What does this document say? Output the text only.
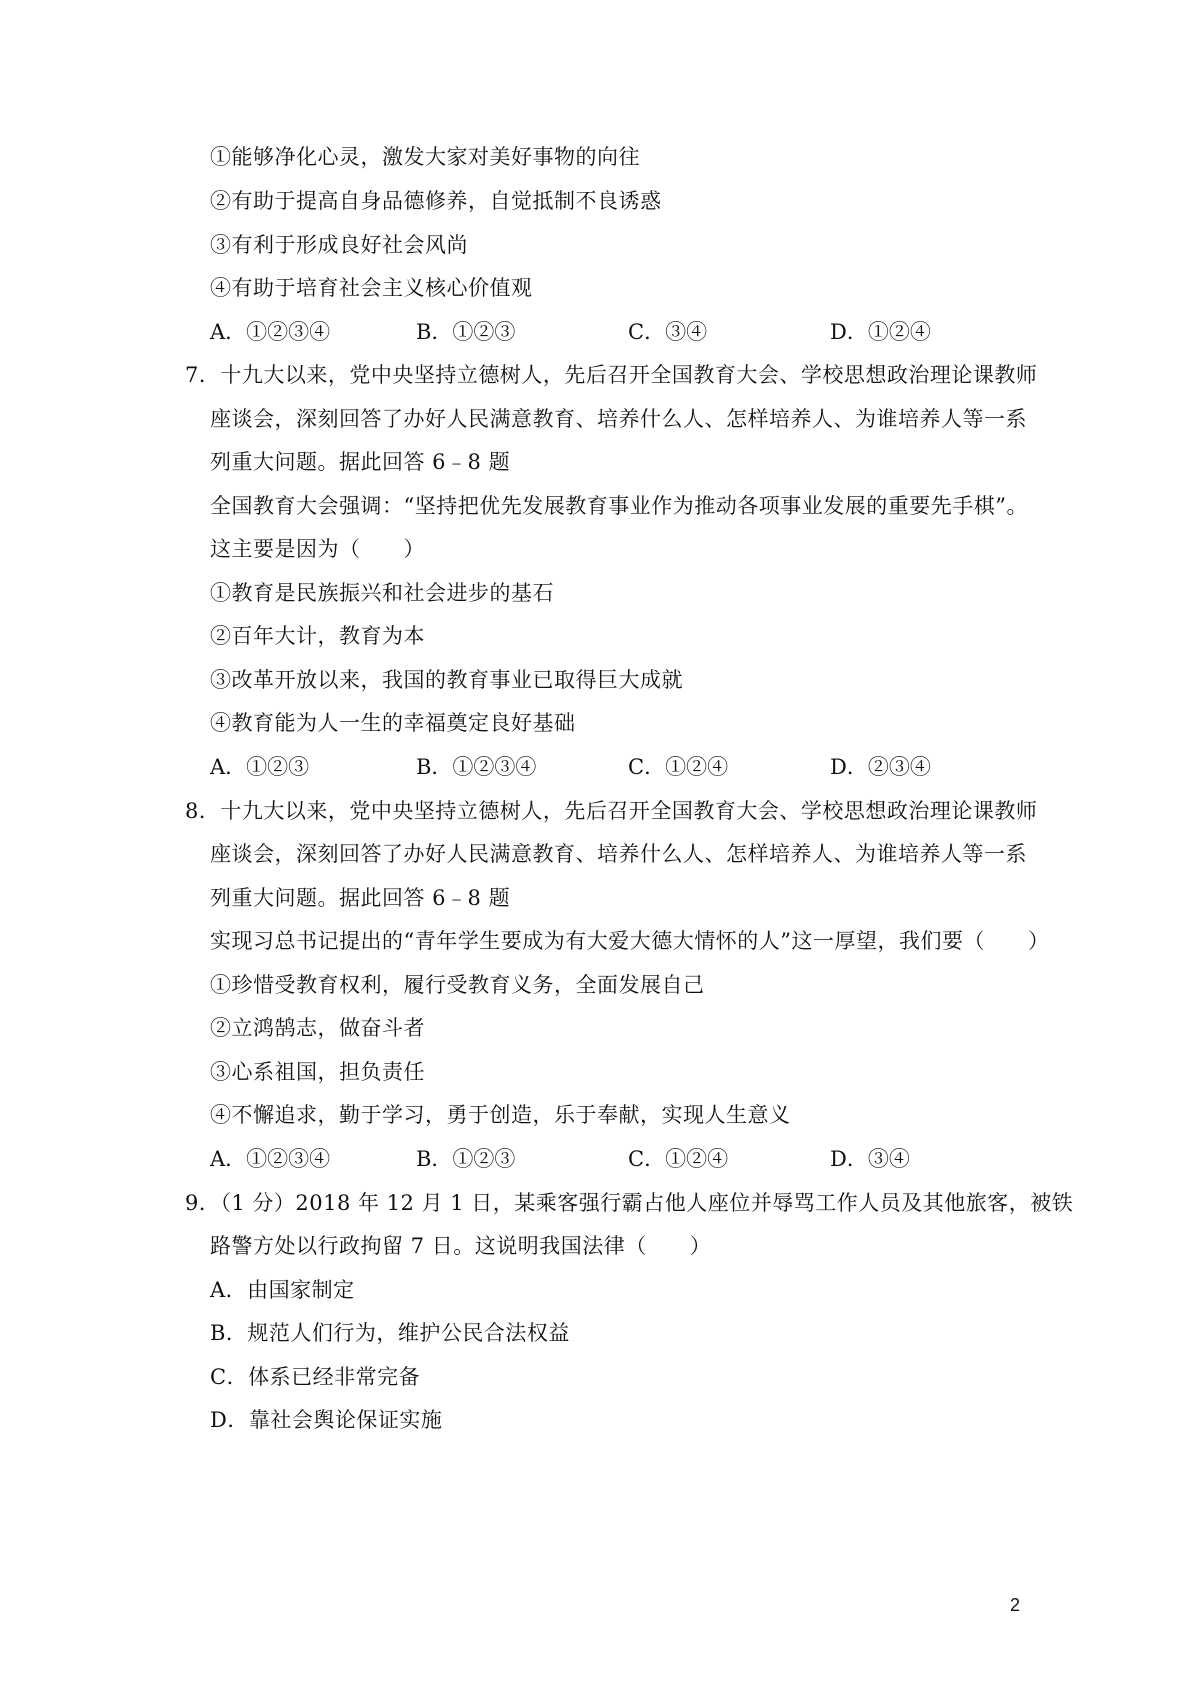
①能够净化心灵，激发大家对美好事物的向往
②有助于提高自身品德修养，自觉抵制不良诱惑
③有利于形成良好社会风尚
④有助于培育社会主义核心价值观
A．①②③④	B．①②③	C．③④	D．①②④
7．十九大以来，党中央坚持立德树人，先后召开全国教育大会、学校思想政治理论课教师
座谈会，深刻回答了办好人民满意教育、培养什么人、怎样培养人、为谁培养人等一系
列重大问题。据此回答 6﹣8 题
全国教育大会强调：“坚持把优先发展教育事业作为推动各项事业发展的重要先手棋”。
这主要是因为（　　）
①教育是民族振兴和社会进步的基石
②百年大计，教育为本
③改革开放以来，我国的教育事业已取得巨大成就
④教育能为人一生的幸福奠定良好基础
A．①②③	B．①②③④	C．①②④	D．②③④
8．十九大以来，党中央坚持立德树人，先后召开全国教育大会、学校思想政治理论课教师
座谈会，深刻回答了办好人民满意教育、培养什么人、怎样培养人、为谁培养人等一系
列重大问题。据此回答 6﹣8 题
实现习总书记提出的“青年学生要成为有大爱大德大情怀的人”这一厚望，我们要（　　）
①珍惜受教育权利，履行受教育义务，全面发展自己
②立鸿鹄志，做奋斗者
③心系祖国，担负责任
④不懈追求，勤于学习，勇于创造，乐于奉献，实现人生意义
A．①②③④	B．①②③	C．①②④	D．③④
9．（1 分）2018 年 12 月 1 日，某乘客强行霸占他人座位并辱骂工作人员及其他旅客，被铁
路警方处以行政拘留 7 日。这说明我国法律（　　）
A．由国家制定
B．规范人们行为，维护公民合法权益
C．体系已经非常完备
D．靠社会舆论保证实施
2
